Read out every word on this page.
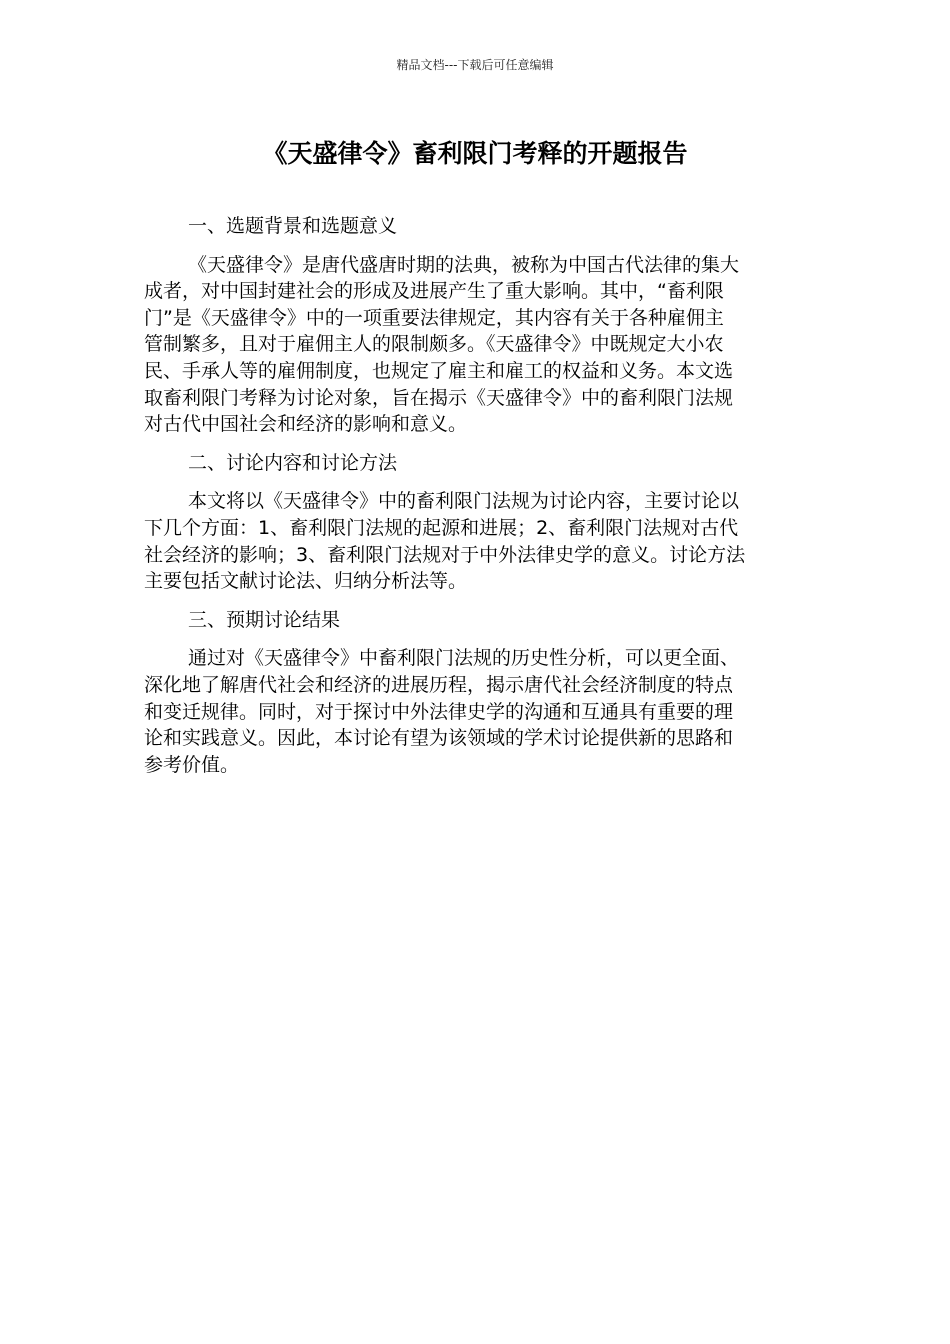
精品文档---下载后可任意编辑
《天盛律令》畜利限门考释的开题报告

一、选题背景和选题意义

《天盛律令》是唐代盛唐时期的法典，被称为中国古代法律的集大
成者，对中国封建社会的形成及进展产生了重大影响。其中，“畜利限
门”是《天盛律令》中的一项重要法律规定，其内容有关于各种雇佣主
管制繁多，且对于雇佣主人的限制颇多。《天盛律令》中既规定大小农
民、手承人等的雇佣制度，也规定了雇主和雇工的权益和义务。本文选
取畜利限门考释为讨论对象，旨在揭示《天盛律令》中的畜利限门法规
对古代中国社会和经济的影响和意义。

二、讨论内容和讨论方法

本文将以《天盛律令》中的畜利限门法规为讨论内容，主要讨论以
下几个方面：1、畜利限门法规的起源和进展；2、畜利限门法规对古代
社会经济的影响；3、畜利限门法规对于中外法律史学的意义。讨论方法
主要包括文献讨论法、归纳分析法等。

三、预期讨论结果

通过对《天盛律令》中畜利限门法规的历史性分析，可以更全面、
深化地了解唐代社会和经济的进展历程，揭示唐代社会经济制度的特点
和变迁规律。同时，对于探讨中外法律史学的沟通和互通具有重要的理
论和实践意义。因此，本讨论有望为该领域的学术讨论提供新的思路和
参考价值。
